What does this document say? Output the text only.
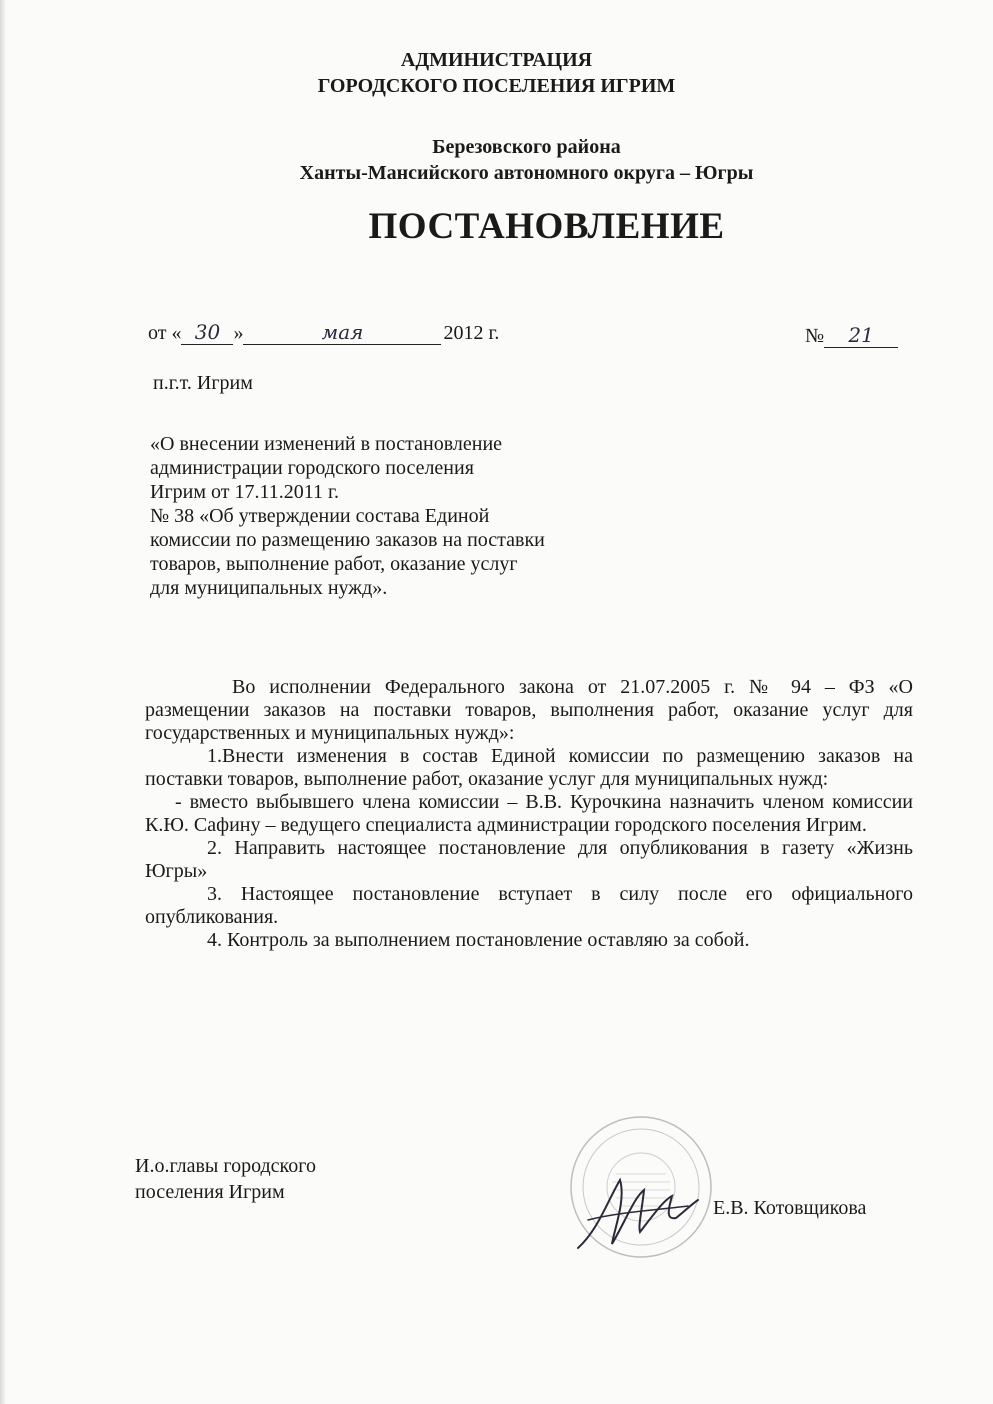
АДМИНИСТРАЦИЯ
ГОРОДСКОГО ПОСЕЛЕНИЯ ИГРИМ
Березовского района
Ханты-Мансийского автономного округа – Югры
ПОСТАНОВЛЕНИЕ
от « 30 »	мая	2012 г.	№ 21
п.г.т. Игрим
«О внесении изменений в постановление
администрации городского поселения
Игрим от 17.11.2011 г.
№ 38 «Об утверждении состава Единой
комиссии по размещению заказов на поставки
товаров, выполнение работ, оказание услуг
для муниципальных нужд».

Во исполнении Федерального закона от 21.07.2005 г. № 94 – ФЗ «О размещении заказов на поставки товаров, выполнения работ, оказание услуг для государственных и муниципальных нужд»:

1.Внести изменения в состав Единой комиссии по размещению заказов на поставки товаров, выполнение работ, оказание услуг для муниципальных нужд:

- вместо выбывшего члена комиссии – В.В. Курочкина назначить членом комиссии К.Ю. Сафину – ведущего специалиста администрации городского поселения Игрим.

2. Направить настоящее постановление для опубликования в газету «Жизнь Югры»

3. Настоящее постановление вступает в силу после его официального опубликования.

4. Контроль за выполнением постановление оставляю за собой.

И.о.главы городского
поселения Игрим
Е.В. Котовщикова
